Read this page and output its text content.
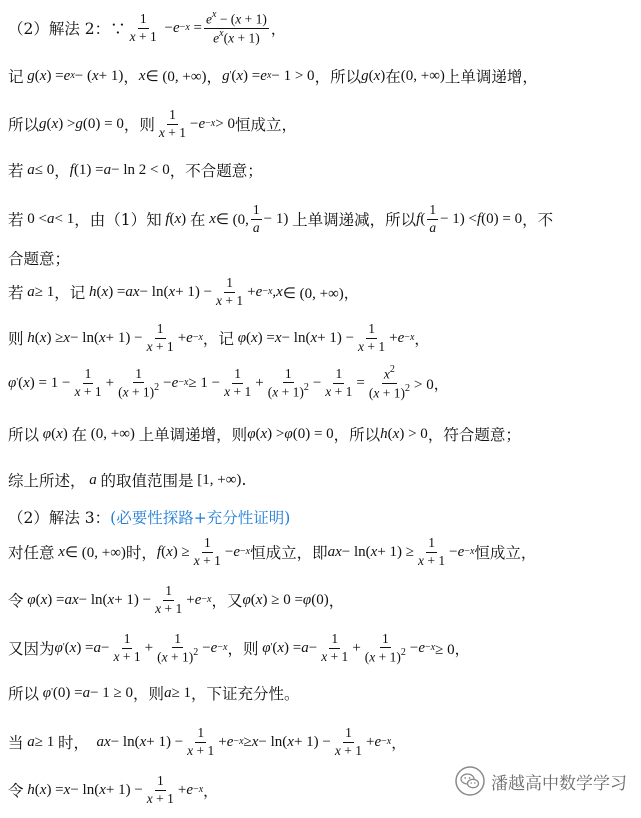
（2）解法 2：∵
1
x + 1
− $e^{-x}$ =
$e^x - (x + 1)$
$e^x(x + 1)$ ，
记
g ( x ) = e $^x$ − ( x + 1) ， x ∈ (0, +∞) ， g' ( x ) = e $^x$ − 1 > 0 ，所以 g ( x ) 在 (0, +∞) 上单调递增，
所以 g ( x ) > g (0) = 0 ，则
1
x + 1
− $e^{-x} > 0$ 恒成立，
若
a ≤ 0 ， f (1) = a − ln 2 < 0 ，不合题意；
若 0 < a < 1 ，由（1）知
f ( x ) 在
x ∈ (0,
1
a
− 1) 上单调递减，所以 f (
1
a
− 1) < f (0) = 0 ，不
合题意；
若
a ≥ 1 ，记
h ( x ) = ax − ln( x + 1) −
1
x + 1
+ $e^{-x}$ , x ∈ (0, +∞)，
则
h ( x ) ≥ x − ln( x + 1) −
1
x + 1
+ $e^{-x}$ ，记
φ ( x ) = x − ln( x + 1) −
1
x + 1
+ $e^{-x}$ ，
φ' ( x ) = 1 −
1
x + 1
+
1
$(x + 1)^2 - e^{-x} \ge 1$ −
1
x + 1
+
1
$(x + 1)^2$ −
1
x + 1
=
$x^2$
$(x + 1)^2 > 0$，
所以
φ ( x ) 在 (0, +∞) 上单调递增，则 φ ( x ) > φ (0) = 0 ，所以 h ( x ) > 0 ，符合题意；
综上所述，
a
的取值范围是 [1, +∞) .
（2）解法 3： (必要性探路+充分性证明)
对任意
x ∈ (0, +∞) 时， f ( x ) ≥
1
x + 1
− $e^{-x}$ 恒成立，即 ax − ln( x + 1) ≥
1
x + 1
− $e^{-x}$ 恒成立，
令
φ ( x ) = ax − ln( x + 1) −
1
x + 1
+ $e^{-x}$ ，又 φ ( x ) ≥ 0 = φ (0) ，
又因为 φ' ( x ) = a −
1
x + 1
+
1
$(x + 1)^2 - e^{-x}$ ，则
φ' ( x ) = a −
1
x + 1
+
1
$(x + 1)^2 - e^{-x} \ge 0$，
所以
φ' (0) = a − 1 ≥ 0 ，则 a ≥ 1 ，下证充分性。
当
a ≥ 1 时，
ax − ln( x + 1) −
1
x + 1
+ $e^{-x} \ge x - \ln$( x + 1) −
1
x + 1
+ $e^{-x}$ ，
令
h ( x ) = x − ln( x + 1) −
1
x + 1
+ $e^{-x}$ ，	潘越高中数学学习
